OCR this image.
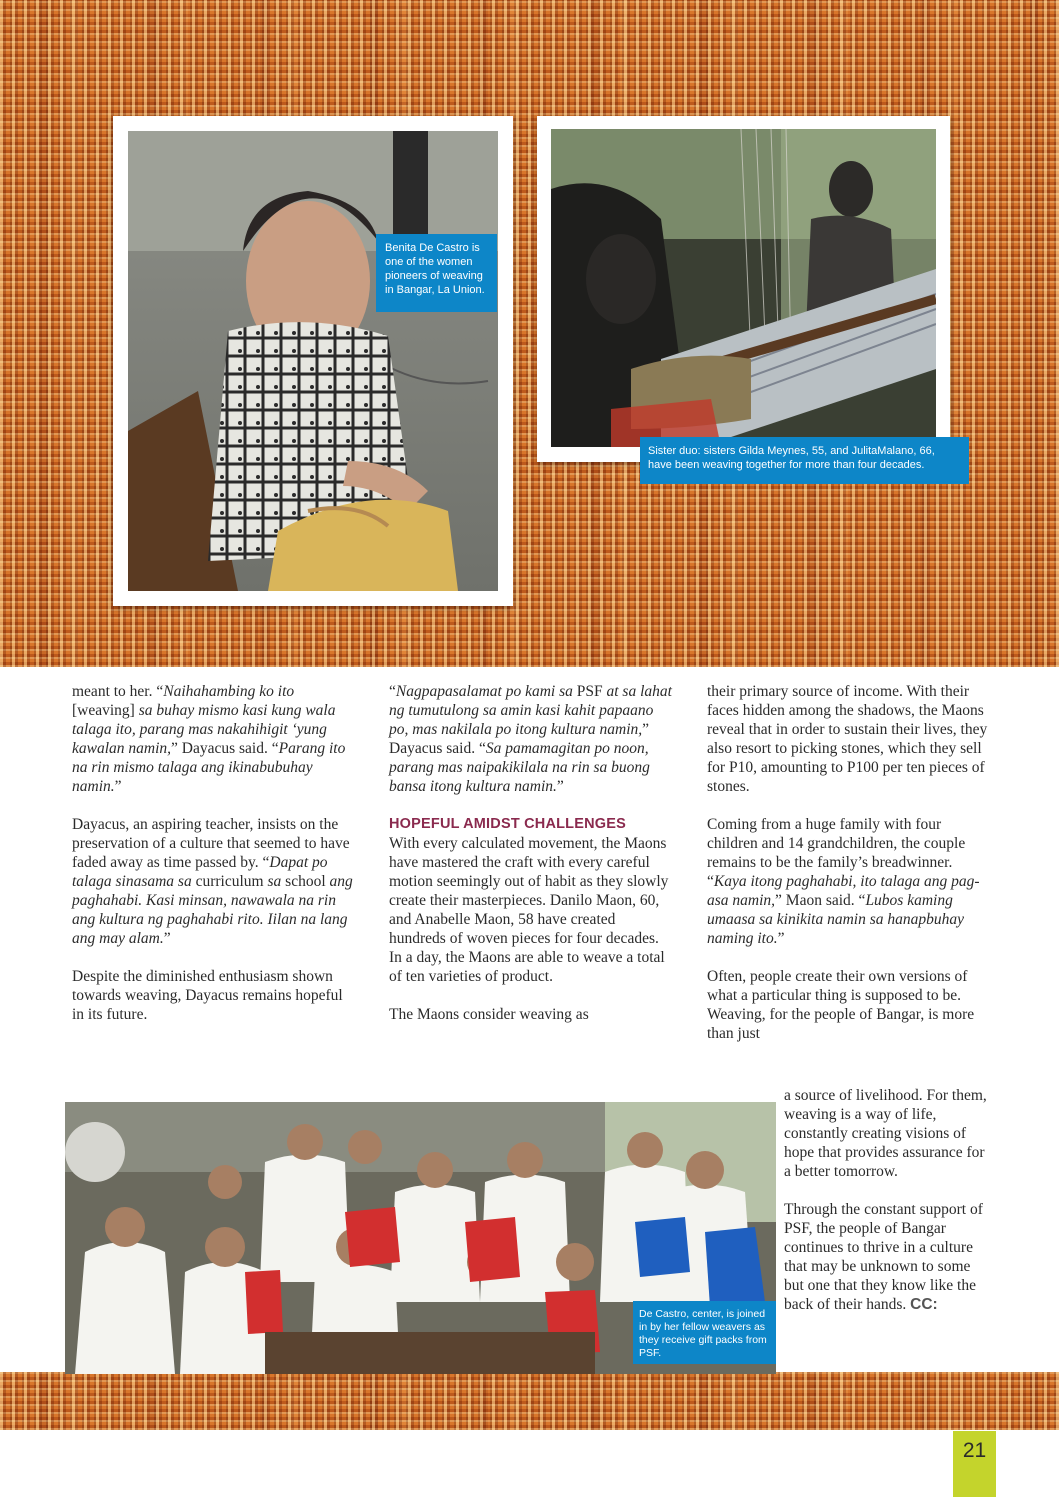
Benita De Castro is one of the women pioneers of weaving in Bangar, La Union.
Sister duo: sisters Gilda Meynes, 55, and JulitaMalano, 66, have been weaving together for more than four decades.

meant to her. “Naihahambing ko ito [weaving] sa buhay mismo kasi kung wala talaga ito, parang mas nakahihigit ‘yung kawalan namin,” Dayacus said. “Parang ito na rin mismo talaga ang ikinabubuhay namin.”

Dayacus, an aspiring teacher, insists on the preservation of a culture that seemed to have faded away as time passed by. “Dapat po talaga sinasama sa curriculum sa school ang paghahabi. Kasi minsan, nawawala na rin ang kultura ng paghahabi rito. Iilan na lang ang may alam.”

Despite the diminished enthusiasm shown towards weaving, Dayacus remains hopeful in its future.

“Nagpapasalamat po kami sa PSF at sa lahat ng tumutulong sa amin kasi kahit papaano po, mas nakilala po itong kultura namin,” Dayacus said. “Sa pamamagitan po noon, parang mas naipakikilala na rin sa buong bansa itong kultura namin.”

HOPEFUL AMIDST CHALLENGES

With every calculated movement, the Maons have mastered the craft with every careful motion seemingly out of habit as they slowly create their masterpieces. Danilo Maon, 60, and Anabelle Maon, 58 have created hundreds of woven pieces for four decades. In a day, the Maons are able to weave a total of ten varieties of product.

The Maons consider weaving as

their primary source of income. With their faces hidden among the shadows, the Maons reveal that in order to sustain their lives, they also resort to picking stones, which they sell for P10, amounting to P100 per ten pieces of stones.

Coming from a huge family with four children and 14 grandchildren, the couple remains to be the family’s breadwinner. “Kaya itong paghahabi, ito talaga ang pag-asa namin,” Maon said. “Lubos kaming umaasa sa kinikita namin sa hanapbuhay naming ito.”

Often, people create their own versions of what a particular thing is supposed to be. Weaving, for the people of Bangar, is more than just

a source of livelihood. For them, weaving is a way of life, constantly creating visions of hope that provides assurance for a better tomorrow.

Through the constant support of PSF, the people of Bangar continues to thrive in a culture that may be unknown to some but one that they know like the back of their hands. CC:

De Castro, center, is joined in by her fellow weavers as they receive gift packs from PSF.
21
